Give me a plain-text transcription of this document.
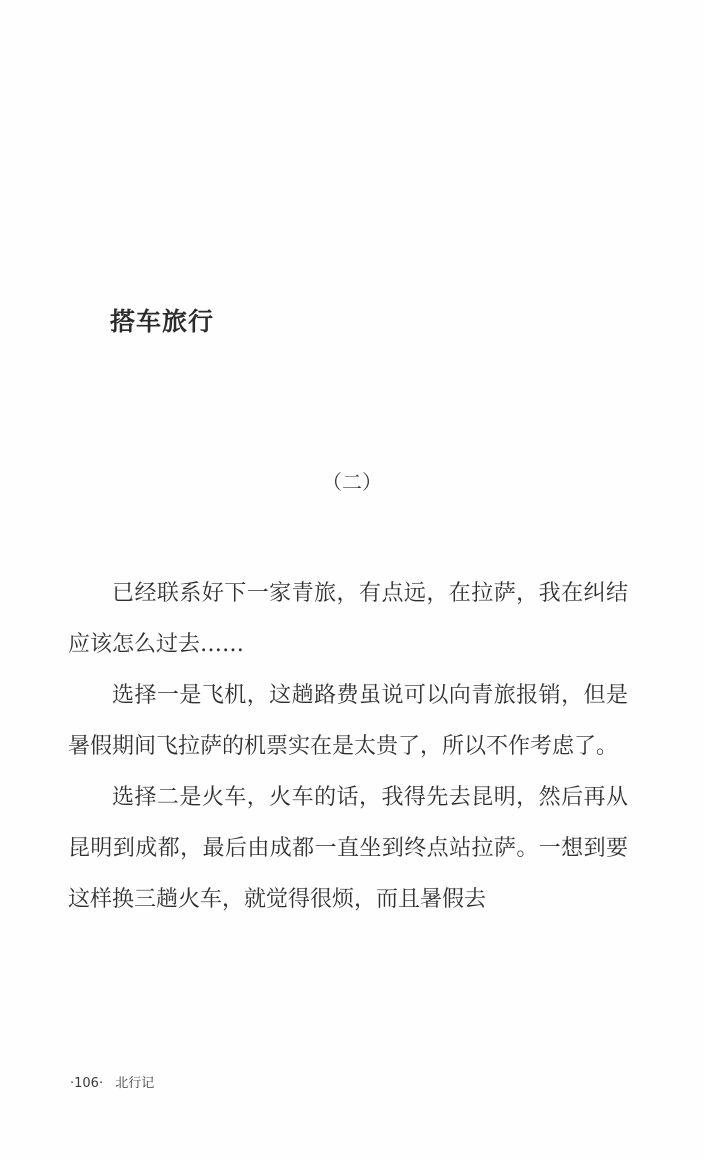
搭车旅行
（二）

已经联系好下一家青旅，有点远，在拉萨，我在纠结应该怎么过去……

选择一是飞机，这趟路费虽说可以向青旅报销，但是暑假期间飞拉萨的机票实在是太贵了，所以不作考虑了。

选择二是火车，火车的话，我得先去昆明，然后再从昆明到成都，最后由成都一直坐到终点站拉萨。一想到要这样换三趟火车，就觉得很烦，而且暑假去

·106· 北行记
